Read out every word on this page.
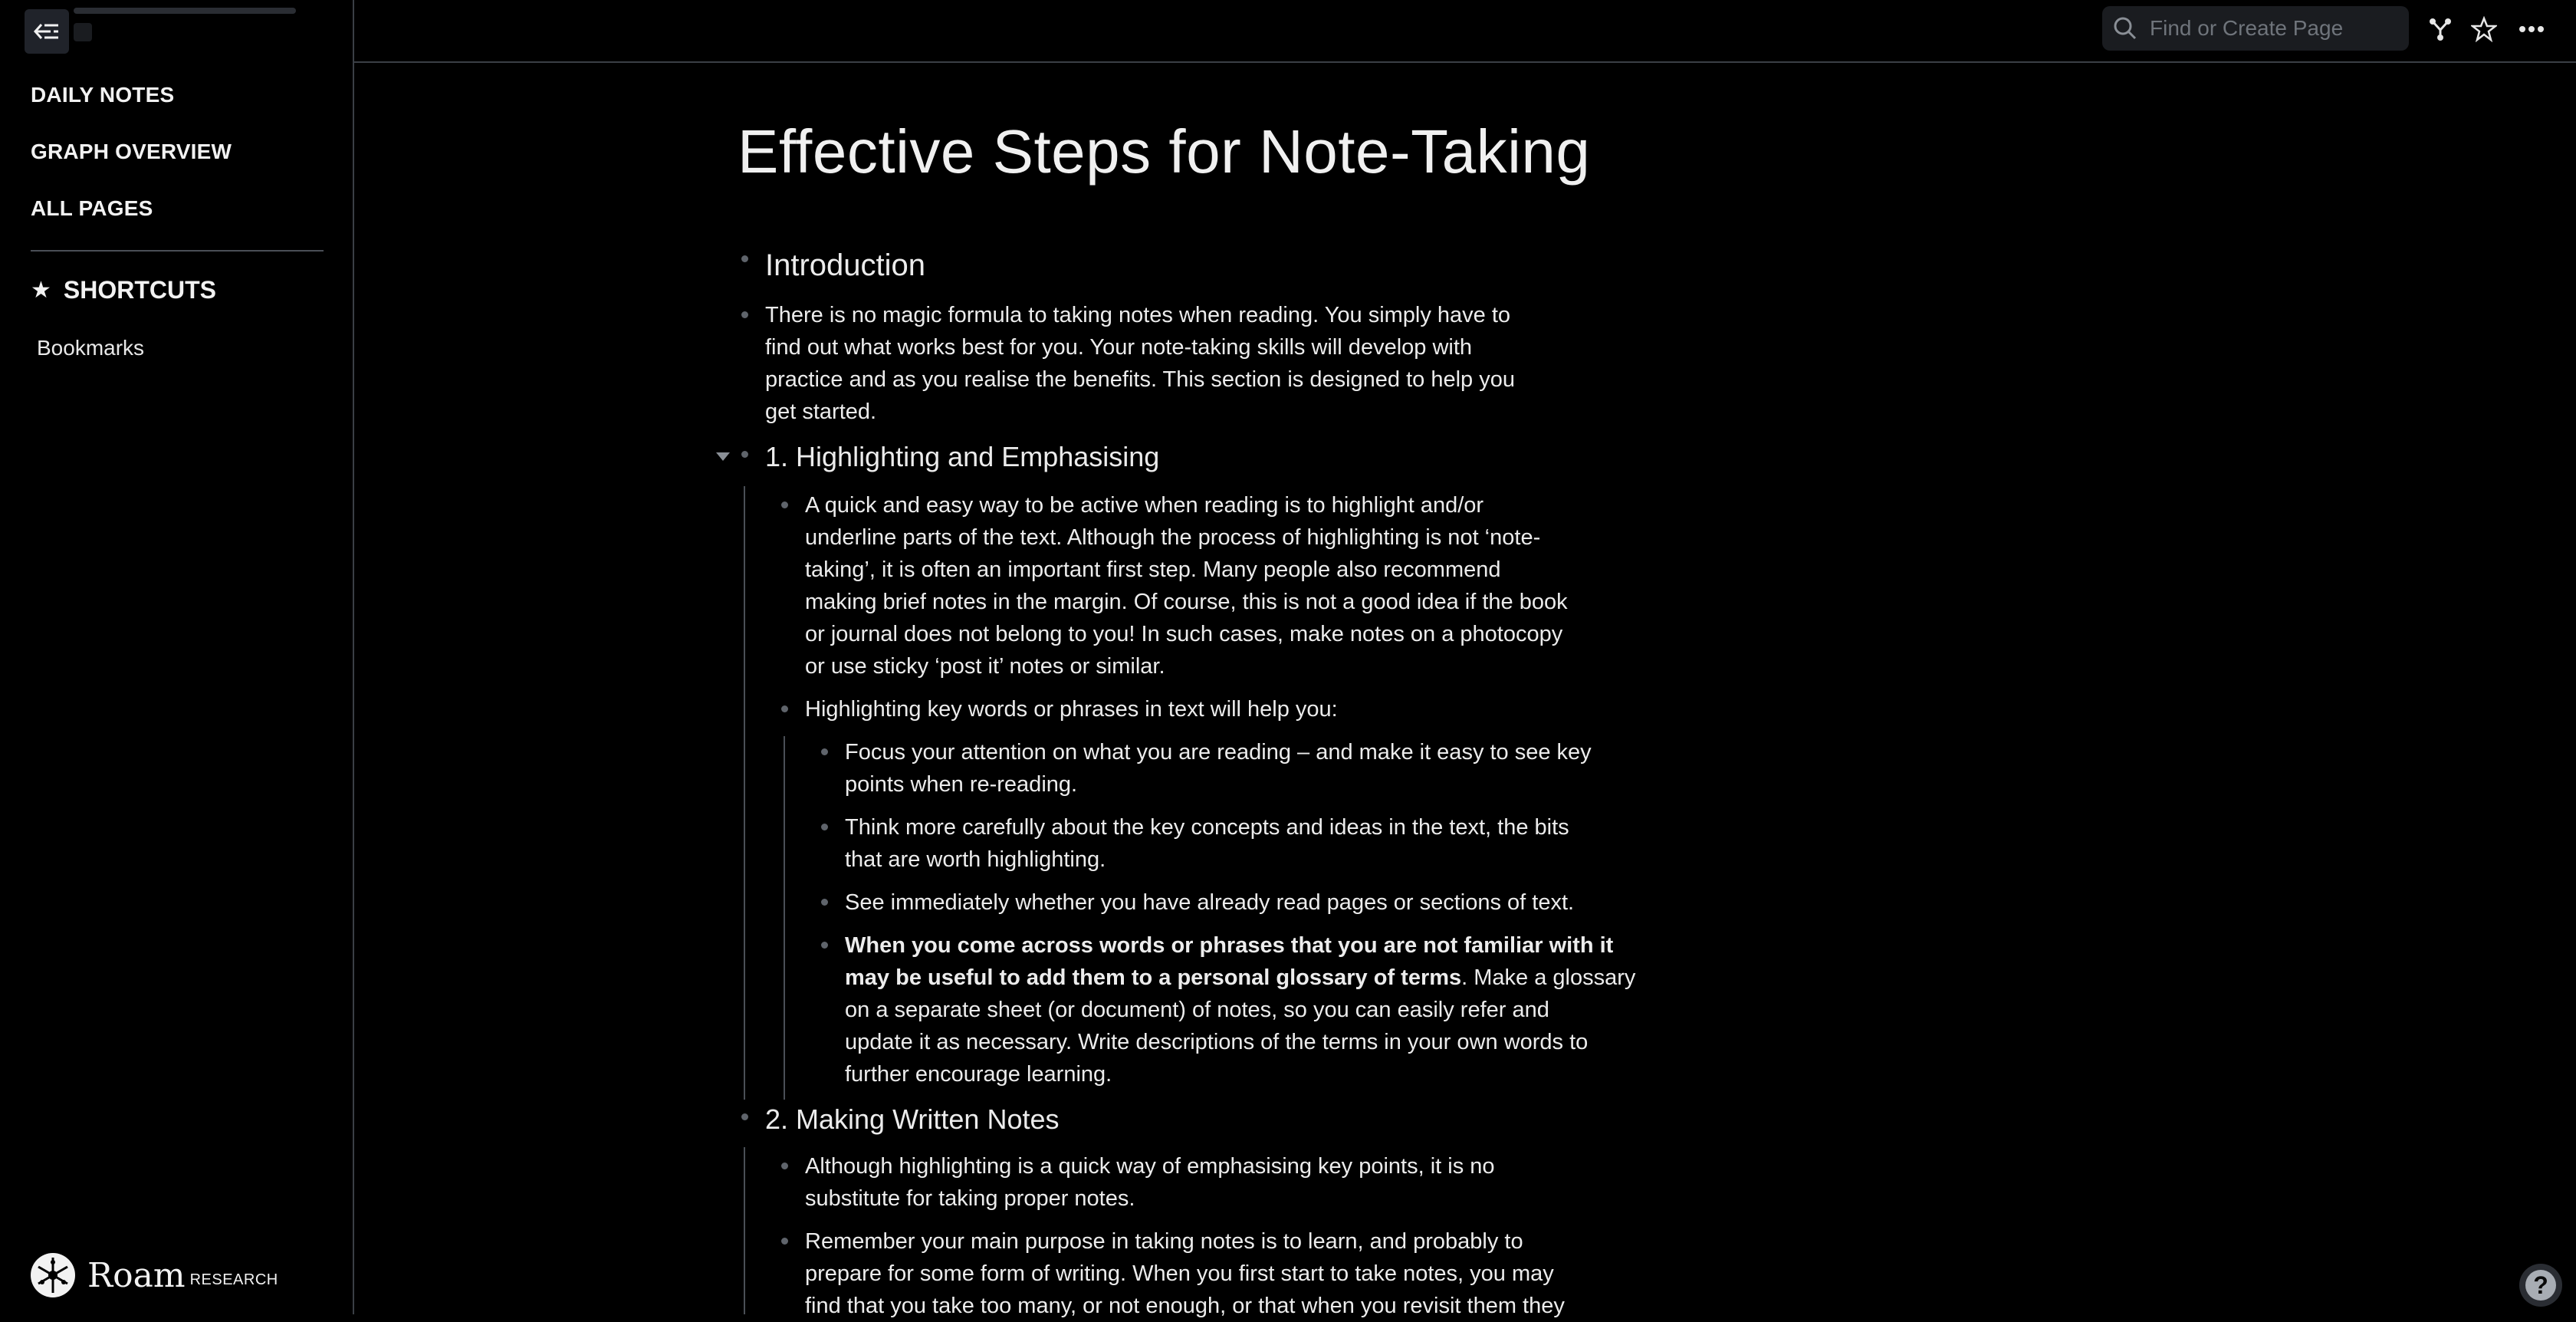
DAILY NOTES
GRAPH OVERVIEW
ALL PAGES
★ SHORTCUTS
Bookmarks
Roam RESEARCH
Find or Create Page
Effective Steps for Note-Taking
Introduction
There is no magic formula to taking notes when reading. You simply have to
find out what works best for you. Your note-taking skills will develop with
practice and as you realise the benefits. This section is designed to help you
get started.
1. Highlighting and Emphasising
A quick and easy way to be active when reading is to highlight and/or
underline parts of the text. Although the process of highlighting is not ‘note-
taking’, it is often an important first step. Many people also recommend
making brief notes in the margin. Of course, this is not a good idea if the book
or journal does not belong to you! In such cases, make notes on a photocopy
or use sticky ‘post it’ notes or similar.
Highlighting key words or phrases in text will help you:
Focus your attention on what you are reading – and make it easy to see key
points when re-reading.
Think more carefully about the key concepts and ideas in the text, the bits
that are worth highlighting.
See immediately whether you have already read pages or sections of text.
When you come across words or phrases that you are not familiar with it
may be useful to add them to a personal glossary of terms. Make a glossary
on a separate sheet (or document) of notes, so you can easily refer and
update it as necessary. Write descriptions of the terms in your own words to
further encourage learning.
2. Making Written Notes
Although highlighting is a quick way of emphasising key points, it is no
substitute for taking proper notes.
Remember your main purpose in taking notes is to learn, and probably to
prepare for some form of writing. When you first start to take notes, you may
find that you take too many, or not enough, or that when you revisit them they
?
